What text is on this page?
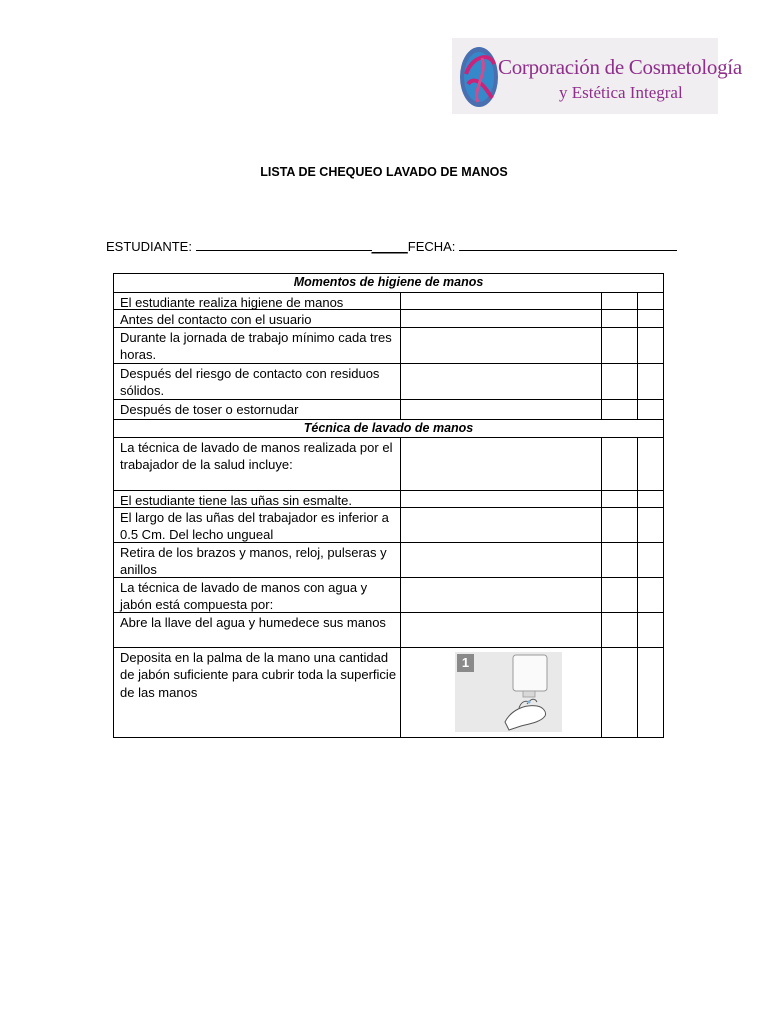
Corporación de Cosmetología
y Estética Integral
LISTA DE CHEQUEO LAVADO DE MANOS
ESTUDIANTE:	_____FECHA:
Momentos de higiene de manos
El estudiante realiza higiene de manos
Antes del contacto con el usuario
Durante la jornada de trabajo mínimo cada tres horas.
Después del riesgo de contacto con residuos sólidos.
Después de toser o estornudar
Técnica de lavado de manos
La técnica de lavado de manos realizada por el trabajador de la salud incluye:
El estudiante tiene las uñas sin esmalte.
El largo de las uñas del trabajador es inferior a 0.5 Cm. Del lecho ungueal
Retira de los brazos y manos, reloj, pulseras y anillos
La técnica de lavado de manos con agua y jabón está compuesta por:
Abre la llave del agua y humedece sus manos
Deposita en la palma de la mano una cantidad de jabón suficiente para cubrir toda la superficie de las manos
1
